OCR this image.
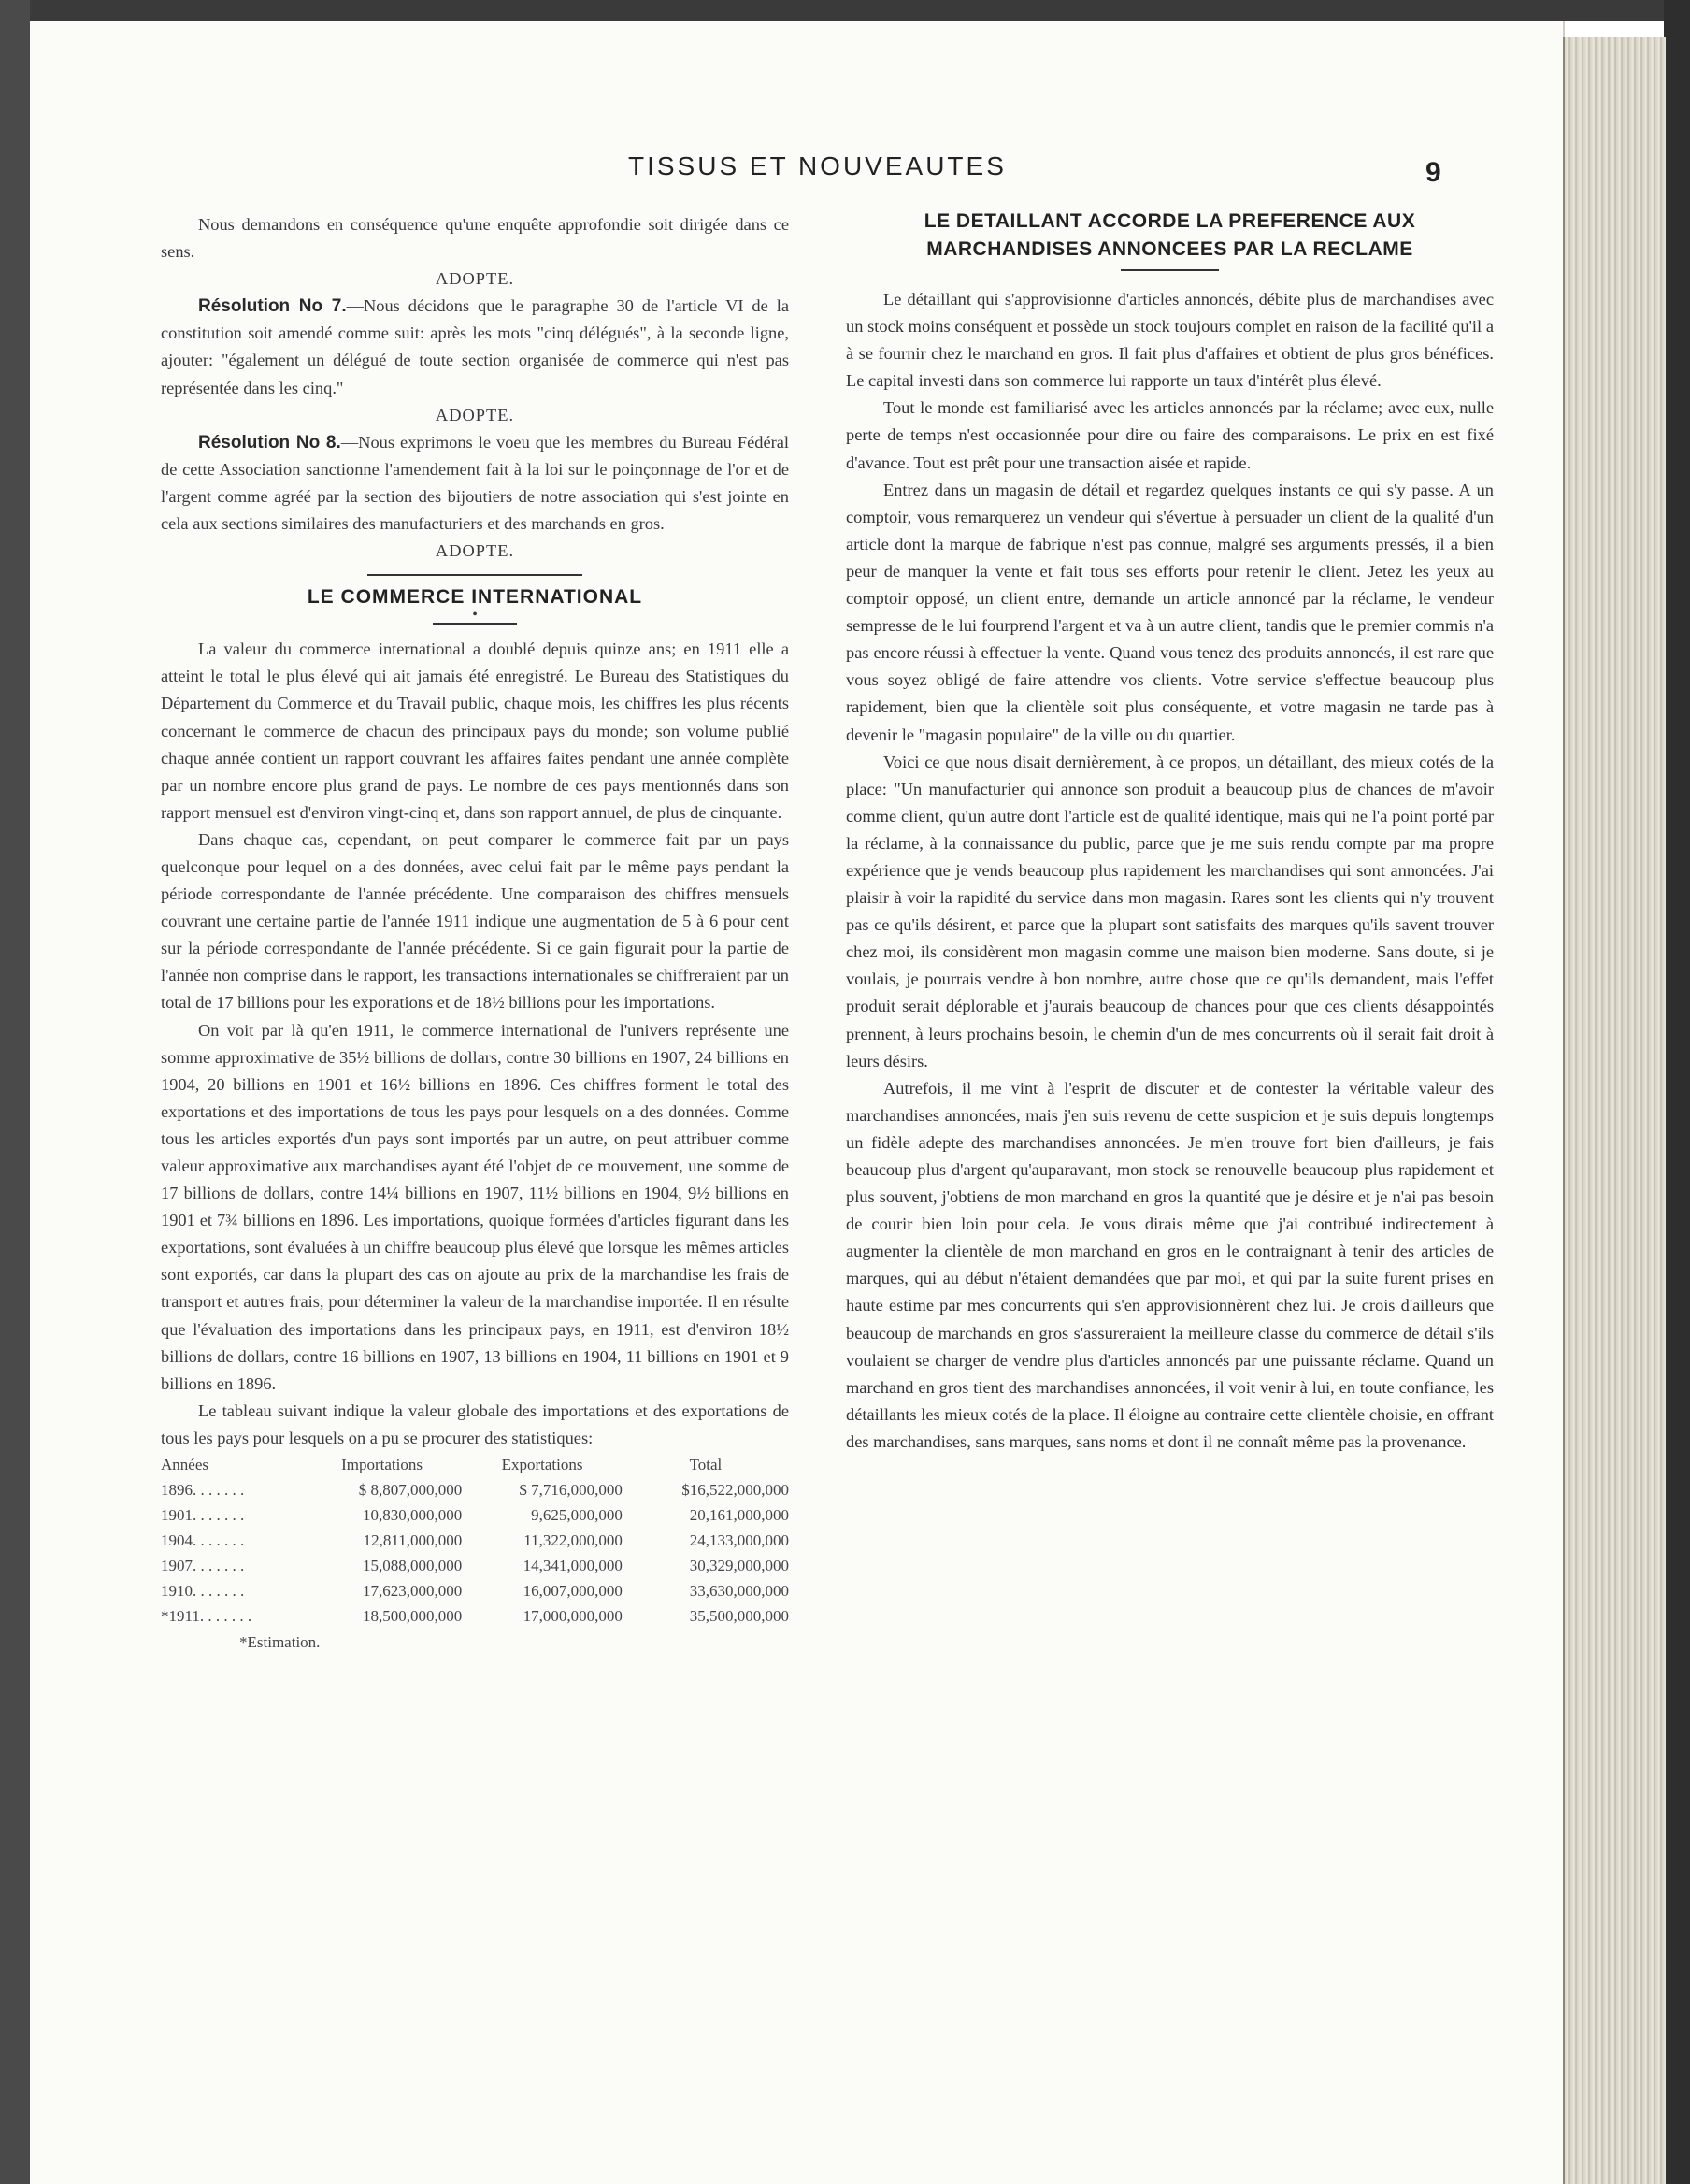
TISSUS ET NOUVEAUTES	9

Nous demandons en conséquence qu'une enquête approfondie soit dirigée dans ce sens.

ADOPTE.

Résolution No 7.—Nous décidons que le paragraphe 30 de l'article VI de la constitution soit amendé comme suit: après les mots "cinq délégués", à la seconde ligne, ajouter: "également un délégué de toute section organisée de commerce qui n'est pas représentée dans les cinq."

ADOPTE.

Résolution No 8.—Nous exprimons le voeu que les membres du Bureau Fédéral de cette Association sanctionne l'amendement fait à la loi sur le poinçonnage de l'or et de l'argent comme agréé par la section des bijoutiers de notre association qui s'est jointe en cela aux sections similaires des manufacturiers et des marchands en gros.

ADOPTE.
LE COMMERCE INTERNATIONAL
•

La valeur du commerce international a doublé depuis quinze ans; en 1911 elle a atteint le total le plus élevé qui ait jamais été enregistré. Le Bureau des Statistiques du Département du Commerce et du Travail public, chaque mois, les chiffres les plus récents concernant le commerce de chacun des principaux pays du monde; son volume publié chaque année contient un rapport couvrant les affaires faites pendant une année complète par un nombre encore plus grand de pays. Le nombre de ces pays mentionnés dans son rapport mensuel est d'environ vingt-cinq et, dans son rapport annuel, de plus de cinquante.

Dans chaque cas, cependant, on peut comparer le commerce fait par un pays quelconque pour lequel on a des données, avec celui fait par le même pays pendant la période correspondante de l'année précédente. Une comparaison des chiffres mensuels couvrant une certaine partie de l'année 1911 indique une augmentation de 5 à 6 pour cent sur la période correspondante de l'année précédente. Si ce gain figurait pour la partie de l'année non comprise dans le rapport, les transactions internationales se chiffreraient par un total de 17 billions pour les exporations et de 18½ billions pour les importations.

On voit par là qu'en 1911, le commerce international de l'univers représente une somme approximative de 35½ billions de dollars, contre 30 billions en 1907, 24 billions en 1904, 20 billions en 1901 et 16½ billions en 1896. Ces chiffres forment le total des exportations et des importations de tous les pays pour lesquels on a des données. Comme tous les articles exportés d'un pays sont importés par un autre, on peut attribuer comme valeur approximative aux marchandises ayant été l'objet de ce mouvement, une somme de 17 billions de dollars, contre 14¼ billions en 1907, 11½ billions en 1904, 9½ billions en 1901 et 7¾ billions en 1896. Les importations, quoique formées d'articles figurant dans les exportations, sont évaluées à un chiffre beaucoup plus élevé que lorsque les mêmes articles sont exportés, car dans la plupart des cas on ajoute au prix de la marchandise les frais de transport et autres frais, pour déterminer la valeur de la marchandise importée. Il en résulte que l'évaluation des importations dans les principaux pays, en 1911, est d'environ 18½ billions de dollars, contre 16 billions en 1907, 13 billions en 1904, 11 billions en 1901 et 9 billions en 1896.

Le tableau suivant indique la valeur globale des importations et des exportations de tous les pays pour lesquels on a pu se procurer des statistiques:

Années	Importations	Exportations	Total
1896. . . . . . .	$ 8,807,000,000	$ 7,716,000,000	$16,522,000,000
1901. . . . . . .	10,830,000,000	9,625,000,000	20,161,000,000
1904. . . . . . .	12,811,000,000	11,322,000,000	24,133,000,000
1907. . . . . . .	15,088,000,000	14,341,000,000	30,329,000,000
1910. . . . . . .	17,623,000,000	16,007,000,000	33,630,000,000
*1911. . . . . . .	18,500,000,000	17,000,000,000	35,500,000,000
*Estimation.
LE DETAILLANT ACCORDE LA PREFERENCE AUX
MARCHANDISES ANNONCEES PAR LA RECLAME

Le détaillant qui s'approvisionne d'articles annoncés, débite plus de marchandises avec un stock moins conséquent et possède un stock toujours complet en raison de la facilité qu'il a à se fournir chez le marchand en gros. Il fait plus d'affaires et obtient de plus gros bénéfices. Le capital investi dans son commerce lui rapporte un taux d'intérêt plus élevé.

Tout le monde est familiarisé avec les articles annoncés par la réclame; avec eux, nulle perte de temps n'est occasionnée pour dire ou faire des comparaisons. Le prix en est fixé d'avance. Tout est prêt pour une transaction aisée et rapide.

Entrez dans un magasin de détail et regardez quelques instants ce qui s'y passe. A un comptoir, vous remarquerez un vendeur qui s'évertue à persuader un client de la qualité d'un article dont la marque de fabrique n'est pas connue, malgré ses arguments pressés, il a bien peur de manquer la vente et fait tous ses efforts pour retenir le client. Jetez les yeux au comptoir opposé, un client entre, demande un article annoncé par la réclame, le vendeur sempresse de le lui fourprend l'argent et va à un autre client, tandis que le premier commis n'a pas encore réussi à effectuer la vente. Quand vous tenez des produits annoncés, il est rare que vous soyez obligé de faire attendre vos clients. Votre service s'effectue beaucoup plus rapidement, bien que la clientèle soit plus conséquente, et votre magasin ne tarde pas à devenir le "magasin populaire" de la ville ou du quartier.

Voici ce que nous disait dernièrement, à ce propos, un détaillant, des mieux cotés de la place: "Un manufacturier qui annonce son produit a beaucoup plus de chances de m'avoir comme client, qu'un autre dont l'article est de qualité identique, mais qui ne l'a point porté par la réclame, à la connaissance du public, parce que je me suis rendu compte par ma propre expérience que je vends beaucoup plus rapidement les marchandises qui sont annoncées. J'ai plaisir à voir la rapidité du service dans mon magasin. Rares sont les clients qui n'y trouvent pas ce qu'ils désirent, et parce que la plupart sont satisfaits des marques qu'ils savent trouver chez moi, ils considèrent mon magasin comme une maison bien moderne. Sans doute, si je voulais, je pourrais vendre à bon nombre, autre chose que ce qu'ils demandent, mais l'effet produit serait déplorable et j'aurais beaucoup de chances pour que ces clients désappointés prennent, à leurs prochains besoin, le chemin d'un de mes concurrents où il serait fait droit à leurs désirs.

Autrefois, il me vint à l'esprit de discuter et de contester la véritable valeur des marchandises annoncées, mais j'en suis revenu de cette suspicion et je suis depuis longtemps un fidèle adepte des marchandises annoncées. Je m'en trouve fort bien d'ailleurs, je fais beaucoup plus d'argent qu'auparavant, mon stock se renouvelle beaucoup plus rapidement et plus souvent, j'obtiens de mon marchand en gros la quantité que je désire et je n'ai pas besoin de courir bien loin pour cela. Je vous dirais même que j'ai contribué indirectement à augmenter la clientèle de mon marchand en gros en le contraignant à tenir des articles de marques, qui au début n'étaient demandées que par moi, et qui par la suite furent prises en haute estime par mes concurrents qui s'en approvisionnèrent chez lui. Je crois d'ailleurs que beaucoup de marchands en gros s'assureraient la meilleure classe du commerce de détail s'ils voulaient se charger de vendre plus d'articles annoncés par une puissante réclame. Quand un marchand en gros tient des marchandises annoncées, il voit venir à lui, en toute confiance, les détaillants les mieux cotés de la place. Il éloigne au contraire cette clientèle choisie, en offrant des marchandises, sans marques, sans noms et dont il ne connaît même pas la provenance.
